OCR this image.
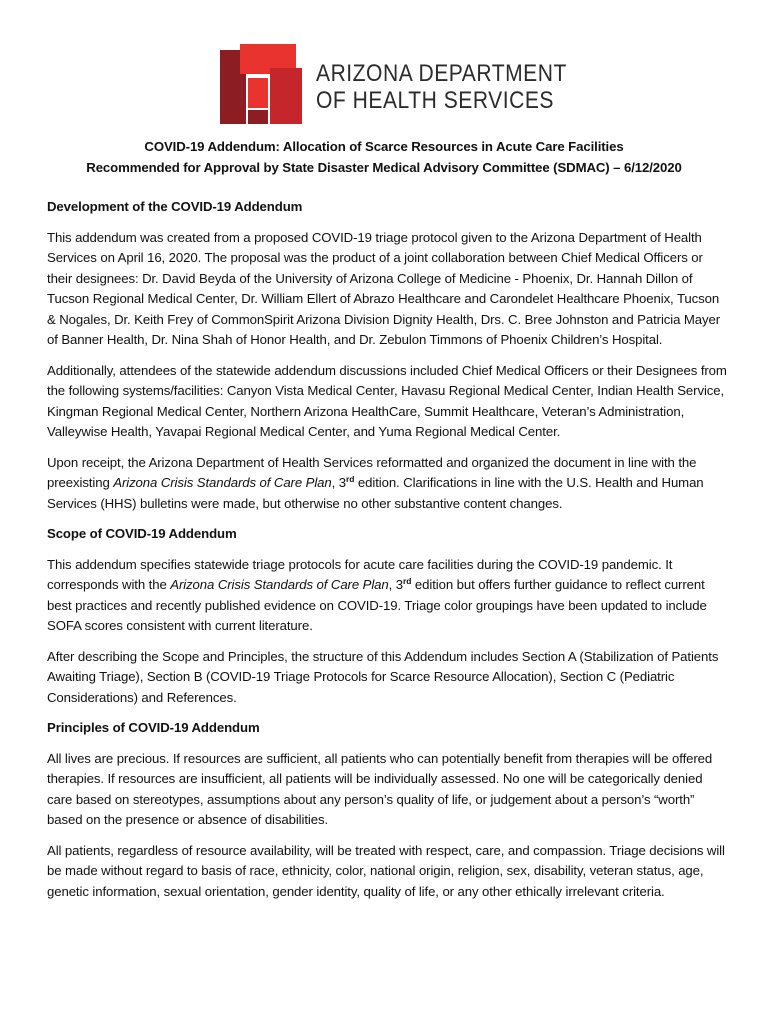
ARIZONA DEPARTMENT
OF HEALTH SERVICES
COVID-19 Addendum: Allocation of Scarce Resources in Acute Care Facilities
Recommended for Approval by State Disaster Medical Advisory Committee (SDMAC) – 6/12/2020
Development of the COVID-19 Addendum

This addendum was created from a proposed COVID-19 triage protocol given to the Arizona Department of Health Services on April 16, 2020. The proposal was the product of a joint collaboration between Chief Medical Officers or their designees: Dr. David Beyda of the University of Arizona College of Medicine - Phoenix, Dr. Hannah Dillon of Tucson Regional Medical Center, Dr. William Ellert of Abrazo Healthcare and Carondelet Healthcare Phoenix, Tucson & Nogales, Dr. Keith Frey of CommonSpirit Arizona Division Dignity Health, Drs. C. Bree Johnston and Patricia Mayer of Banner Health, Dr. Nina Shah of Honor Health, and Dr. Zebulon Timmons of Phoenix Children’s Hospital.

Additionally, attendees of the statewide addendum discussions included Chief Medical Officers or their Designees from the following systems/facilities: Canyon Vista Medical Center, Havasu Regional Medical Center, Indian Health Service, Kingman Regional Medical Center, Northern Arizona HealthCare, Summit Healthcare, Veteran’s Administration, Valleywise Health, Yavapai Regional Medical Center, and Yuma Regional Medical Center.

Upon receipt, the Arizona Department of Health Services reformatted and organized the document in line with the preexisting Arizona Crisis Standards of Care Plan, 3rd edition. Clarifications in line with the U.S. Health and Human Services (HHS) bulletins were made, but otherwise no other substantive content changes.

Scope of COVID-19 Addendum

This addendum specifies statewide triage protocols for acute care facilities during the COVID-19 pandemic. It corresponds with the Arizona Crisis Standards of Care Plan, 3rd edition but offers further guidance to reflect current best practices and recently published evidence on COVID-19. Triage color groupings have been updated to include SOFA scores consistent with current literature.

After describing the Scope and Principles, the structure of this Addendum includes Section A (Stabilization of Patients Awaiting Triage), Section B (COVID-19 Triage Protocols for Scarce Resource Allocation), Section C (Pediatric Considerations) and References.

Principles of COVID-19 Addendum

All lives are precious. If resources are sufficient, all patients who can potentially benefit from therapies will be offered therapies. If resources are insufficient, all patients will be individually assessed. No one will be categorically denied care based on stereotypes, assumptions about any person’s quality of life, or judgement about a person’s “worth” based on the presence or absence of disabilities.

All patients, regardless of resource availability, will be treated with respect, care, and compassion. Triage decisions will be made without regard to basis of race, ethnicity, color, national origin, religion, sex, disability, veteran status, age, genetic information, sexual orientation, gender identity, quality of life, or any other ethically irrelevant criteria.
